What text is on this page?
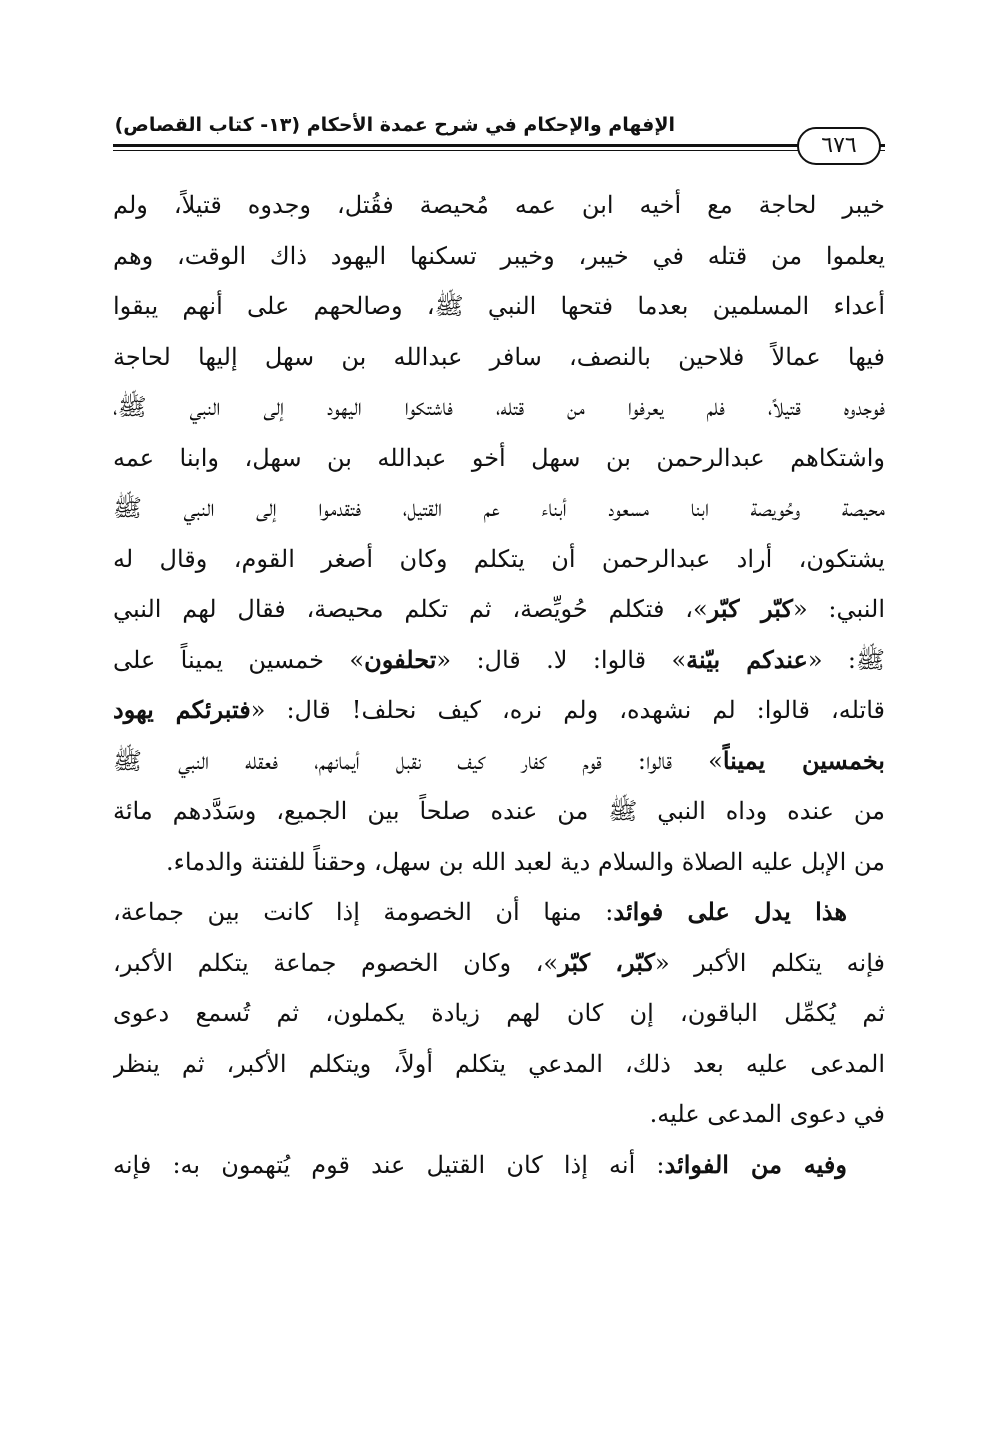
الإفهام والإحكام في شرح عمدة الأحكام (١٣- كتاب القصاص)
٦٧٦
خيبر لحاجة مع أخيه ابن عمه مُحيصة فقُتل، وجدوه قتيلاً، ولم
يعلموا من قتله في خيبر، وخيبر تسكنها اليهود ذاك الوقت، وهم
أعداء المسلمين بعدما فتحها النبي ﷺ، وصالحهم على أنهم يبقوا
فيها عمالاً فلاحين بالنصف، سافر عبدالله بن سهل إليها لحاجة
فوجدوه قتيلاً، فلم يعرفوا من قتله، فاشتكوا اليهود إلى النبي ﷺ،
واشتكاهم عبدالرحمن بن سهل أخو عبدالله بن سهل، وابنا عمه
محيصة وحُويصة ابنا مسعود أبناء عم القتيل، فتقدموا إلى النبي ﷺ
يشتكون، أراد عبدالرحمن أن يتكلم وكان أصغر القوم، وقال له
النبي: «كبّر كبّر»، فتكلم حُويِّصة، ثم تكلم محيصة، فقال لهم النبي
ﷺ: «عندكم بيّنة» قالوا: لا. قال: «تحلفون» خمسين يميناً على
قاتله، قالوا: لم نشهده، ولم نره، كيف نحلف! قال: «فتبرئكم يهود
بخمسين يميناً» قالوا: قوم كفار كيف نقبل أيمانهم، فعقله النبي ﷺ
من عنده وداه النبي ﷺ من عنده صلحاً بين الجميع، وسَدَّدهم مائة
من الإبل عليه الصلاة والسلام دية لعبد الله بن سهل، وحقناً للفتنة والدماء.
هذا يدل على فوائد: منها أن الخصومة إذا كانت بين جماعة،
فإنه يتكلم الأكبر «كبّر، كبّر»، وكان الخصوم جماعة يتكلم الأكبر،
ثم يُكمِّل الباقون، إن كان لهم زيادة يكملون، ثم تُسمع دعوى
المدعى عليه بعد ذلك، المدعي يتكلم أولاً، ويتكلم الأكبر، ثم ينظر
في دعوى المدعى عليه.
وفيه من الفوائد: أنه إذا كان القتيل عند قوم يُتهمون به: فإنه
